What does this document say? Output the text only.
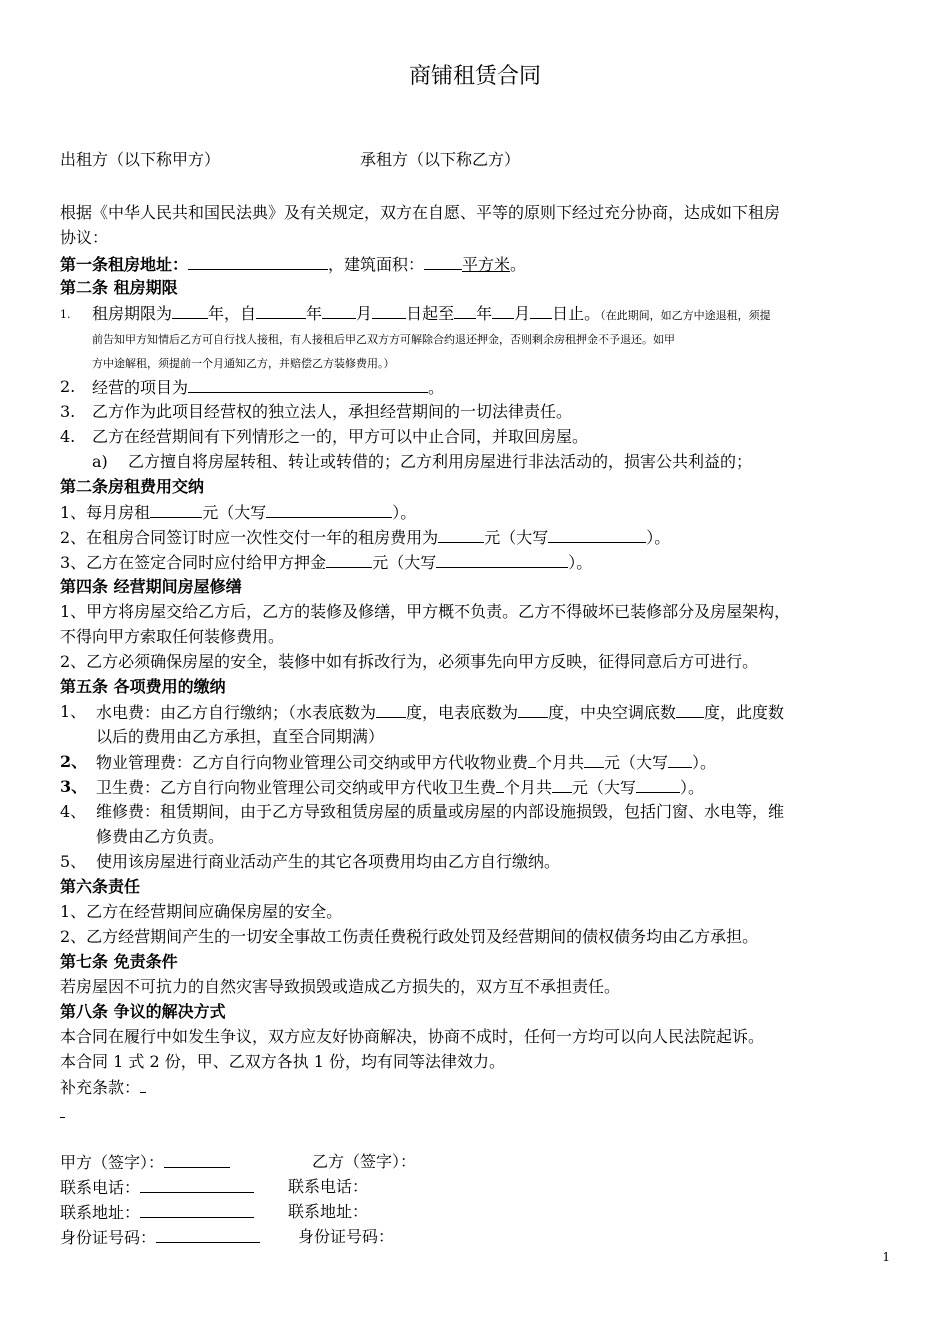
商铺租赁合同
出租方（以下称甲方）	承租方（以下称乙方）
根据《中华人民共和国民法典》及有关规定，双方在自愿、平等的原则下经过充分协商，达成如下租房
协议：
第一条租房地址：	，建筑面积： 平方米。
第二条 租房期限
1. 租房期限为 年，自	年 月 日起至 年 月 日止。（在此期间，如乙方中途退租，须提
前告知甲方知情后乙方可自行找人接租，有人接租后甲乙双方方可解除合约退还押金，否则剩余房租押金不予退还。如甲
方中途解租，须提前一个月通知乙方，并赔偿乙方装修费用。）
2. 经营的项目为	。
3. 乙方作为此项目经营权的独立法人，承担经营期间的一切法律责任。
4. 乙方在经营期间有下列情形之一的，甲方可以中止合同，并取回房屋。
a) 乙方擅自将房屋转租、转让或转借的；乙方利用房屋进行非法活动的，损害公共利益的；
第二条房租费用交纳
1、每月房租	元（大写	）。
2、在租房合同签订时应一次性交付一年的租房费用为	元（大写	）。
3、乙方在签定合同时应付给甲方押金	元（大写	）。
第四条 经营期间房屋修缮
1、甲方将房屋交给乙方后，乙方的装修及修缮，甲方概不负责。乙方不得破坏已装修部分及房屋架构，
不得向甲方索取任何装修费用。
2、乙方必须确保房屋的安全，装修中如有拆改行为，必须事先向甲方反映，征得同意后方可进行。
第五条 各项费用的缴纳
1、 水电费：由乙方自行缴纳；（水表底数为 度，电表底数为 度，中央空调底数 度，此度数
以后的费用由乙方承担，直至合同期满）
2、 物业管理费：乙方自行向物业管理公司交纳或甲方代收物业费 个月共 元（大写 ）。
3、 卫生费：乙方自行向物业管理公司交纳或甲方代收卫生费 个月共 元（大写	）。
4、 维修费：租赁期间，由于乙方导致租赁房屋的质量或房屋的内部设施损毁，包括门窗、水电等，维
修费由乙方负责。
5、 使用该房屋进行商业活动产生的其它各项费用均由乙方自行缴纳。
第六条责任
1、乙方在经营期间应确保房屋的安全。
2、乙方经营期间产生的一切安全事故工伤责任费税行政处罚及经营期间的债权债务均由乙方承担。
第七条 免责条件
若房屋因不可抗力的自然灾害导致损毁或造成乙方损失的，双方互不承担责任。
第八条 争议的解决方式
本合同在履行中如发生争议，双方应友好协商解决，协商不成时，任何一方均可以向人民法院起诉。
本合同 1 式 2 份，甲、乙双方各执 1 份，均有同等法律效力。
补充条款：
甲方（签字）：	乙方（签字）：
联系电话：	联系电话：
联系地址：	联系地址：
身份证号码：	身份证号码：
1
